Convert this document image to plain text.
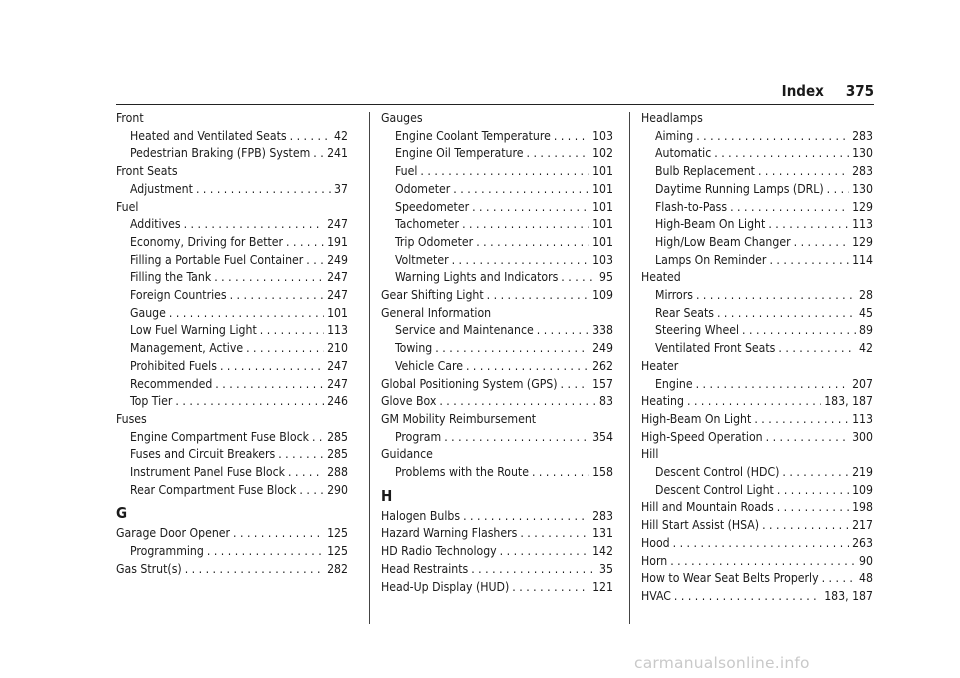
Index 375
Front
Heated and Ventilated Seats . . .	42
Pedestrian Braking (FPB) System . . . 241
Front Seats
Adjustment . . .	37
Fuel
Additives . . .	247
Economy, Driving for Better . . .	191
Filling a Portable Fuel Container . . . 249
Filling the Tank . . .	247
Foreign Countries . . .	247
Gauge . . .	101
Low Fuel Warning Light . . .	113
Management, Active . . .	210
Prohibited Fuels . . .	247
Recommended . . .	247
Top Tier . . .	246
Fuses
Engine Compartment Fuse Block . . . 285
Fuses and Circuit Breakers . . .	285
Instrument Panel Fuse Block . . .	288
Rear Compartment Fuse Block . . .	290
G
Garage Door Opener . . .	125
Programming . . .	125
Gas Strut(s) . . .	282
Gauges
Engine Coolant Temperature . . .	103
Engine Oil Temperature . . .	102
Fuel . . .	101
Odometer . . .	101
Speedometer . . .	101
Tachometer . . .	101
Trip Odometer . . .	101
Voltmeter . . .	103
Warning Lights and Indicators . . .	95
Gear Shifting Light . . .	109
General Information
Service and Maintenance . . .	338
Towing . . .	249
Vehicle Care . . .	262
Global Positioning System (GPS) . . .	157
Glove Box . . .	83
GM Mobility Reimbursement
Program . . .	354
Guidance
Problems with the Route . . .	158
H
Halogen Bulbs . . .	283
Hazard Warning Flashers . . .	131
HD Radio Technology . . .	142
Head Restraints . . .	35
Head-Up Display (HUD) . . .	121
Headlamps
Aiming . . .	283
Automatic . . .	130
Bulb Replacement . . .	283
Daytime Running Lamps (DRL) . . . 130
Flash-to-Pass . . .	129
High-Beam On Light . . .	113
High/Low Beam Changer . . .	129
Lamps On Reminder . . .	114
Heated
Mirrors . . .	28
Rear Seats . . .	45
Steering Wheel . . .	89
Ventilated Front Seats . . .	42
Heater
Engine . . .	207
Heating . . .	183, 187
High-Beam On Light . . .	113
High-Speed Operation . . .	300
Hill
Descent Control (HDC) . . .	219
Descent Control Light . . .	109
Hill and Mountain Roads . . .	198
Hill Start Assist (HSA) . . .	217
Hood . . .	263
Horn . . .	90
How to Wear Seat Belts Properly . . .	48
HVAC . . .	183, 187
carmanualsonline.info
